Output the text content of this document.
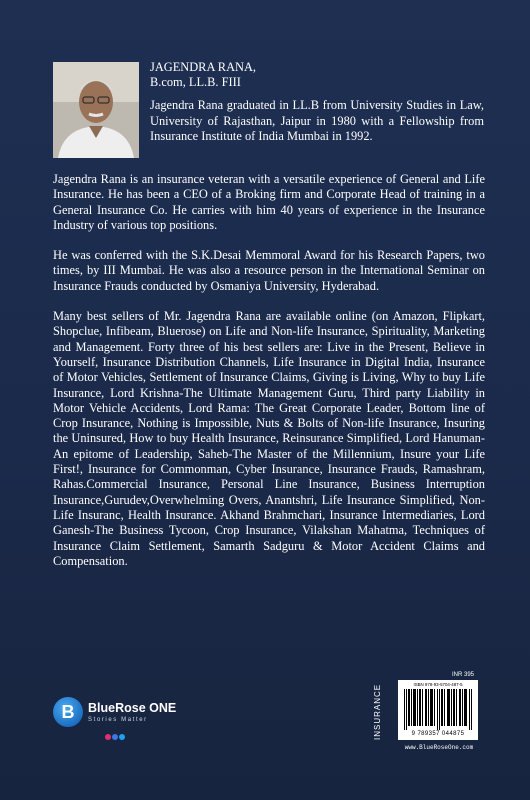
JAGENDRA RANA,
B.com, LL.B. FIII
Jagendra Rana graduated in LL.B from University Studies in Law, University of Rajasthan, Jaipur in 1980 with a Fellowship from Insurance Institute of India Mumbai in 1992.

Jagendra Rana is an insurance veteran with a versatile experience of General and Life Insurance. He has been a CEO of a Broking firm and Corporate Head of training in a General Insurance Co. He carries with him 40 years of experience in the Insurance Industry of various top positions.

He was conferred with the S.K.Desai Memmoral Award for his Research Papers, two times, by III Mumbai. He was also a resource person in the International Seminar on Insurance Frauds conducted by Osmaniya University, Hyderabad.

Many best sellers of Mr. Jagendra Rana are available online (on Amazon, Flipkart, Shopclue, Infibeam, Bluerose) on Life and Non-life Insurance, Spirituality, Marketing and Management. Forty three of his best sellers are: Live in the Present, Believe in Yourself, Insurance Distribution Channels, Life Insurance in Digital India, Insurance of Motor Vehicles, Settlement of Insurance Claims, Giving is Living, Why to buy Life Insurance, Lord Krishna-The Ultimate Management Guru, Third party Liability in Motor Vehicle Accidents, Lord Rama: The Great Corporate Leader, Bottom line of Crop Insurance, Nothing is Impossible, Nuts & Bolts of Non-life Insurance, Insuring the Uninsured, How to buy Health Insurance, Reinsurance Simplified, Lord Hanuman-An epitome of Leadership, Saheb-The Master of the Millennium, Insure your Life First!, Insurance for Commonman, Cyber Insurance, Insurance Frauds, Ramashram, Rahas.Commercial Insurance, Personal Line Insurance, Business Interruption Insurance,Gurudev,Overwhelming Overs, Anantshri, Life Insurance Simplified, Non-Life Insuranc, Health Insurance. Akhand Brahmchari, Insurance Intermediaries, Lord Ganesh-The Business Tycoon, Crop Insurance, Vilakshan Mahatma, Techniques of Insurance Claim Settlement, Samarth Sadguru & Motor Accident Claims and Compensation.

B	BlueRose ONE
Stories Matter	INSURANCE
INR 395
ISBN 978-93-5704-487-5
9 789357 044875
www.BlueRoseOne.com
